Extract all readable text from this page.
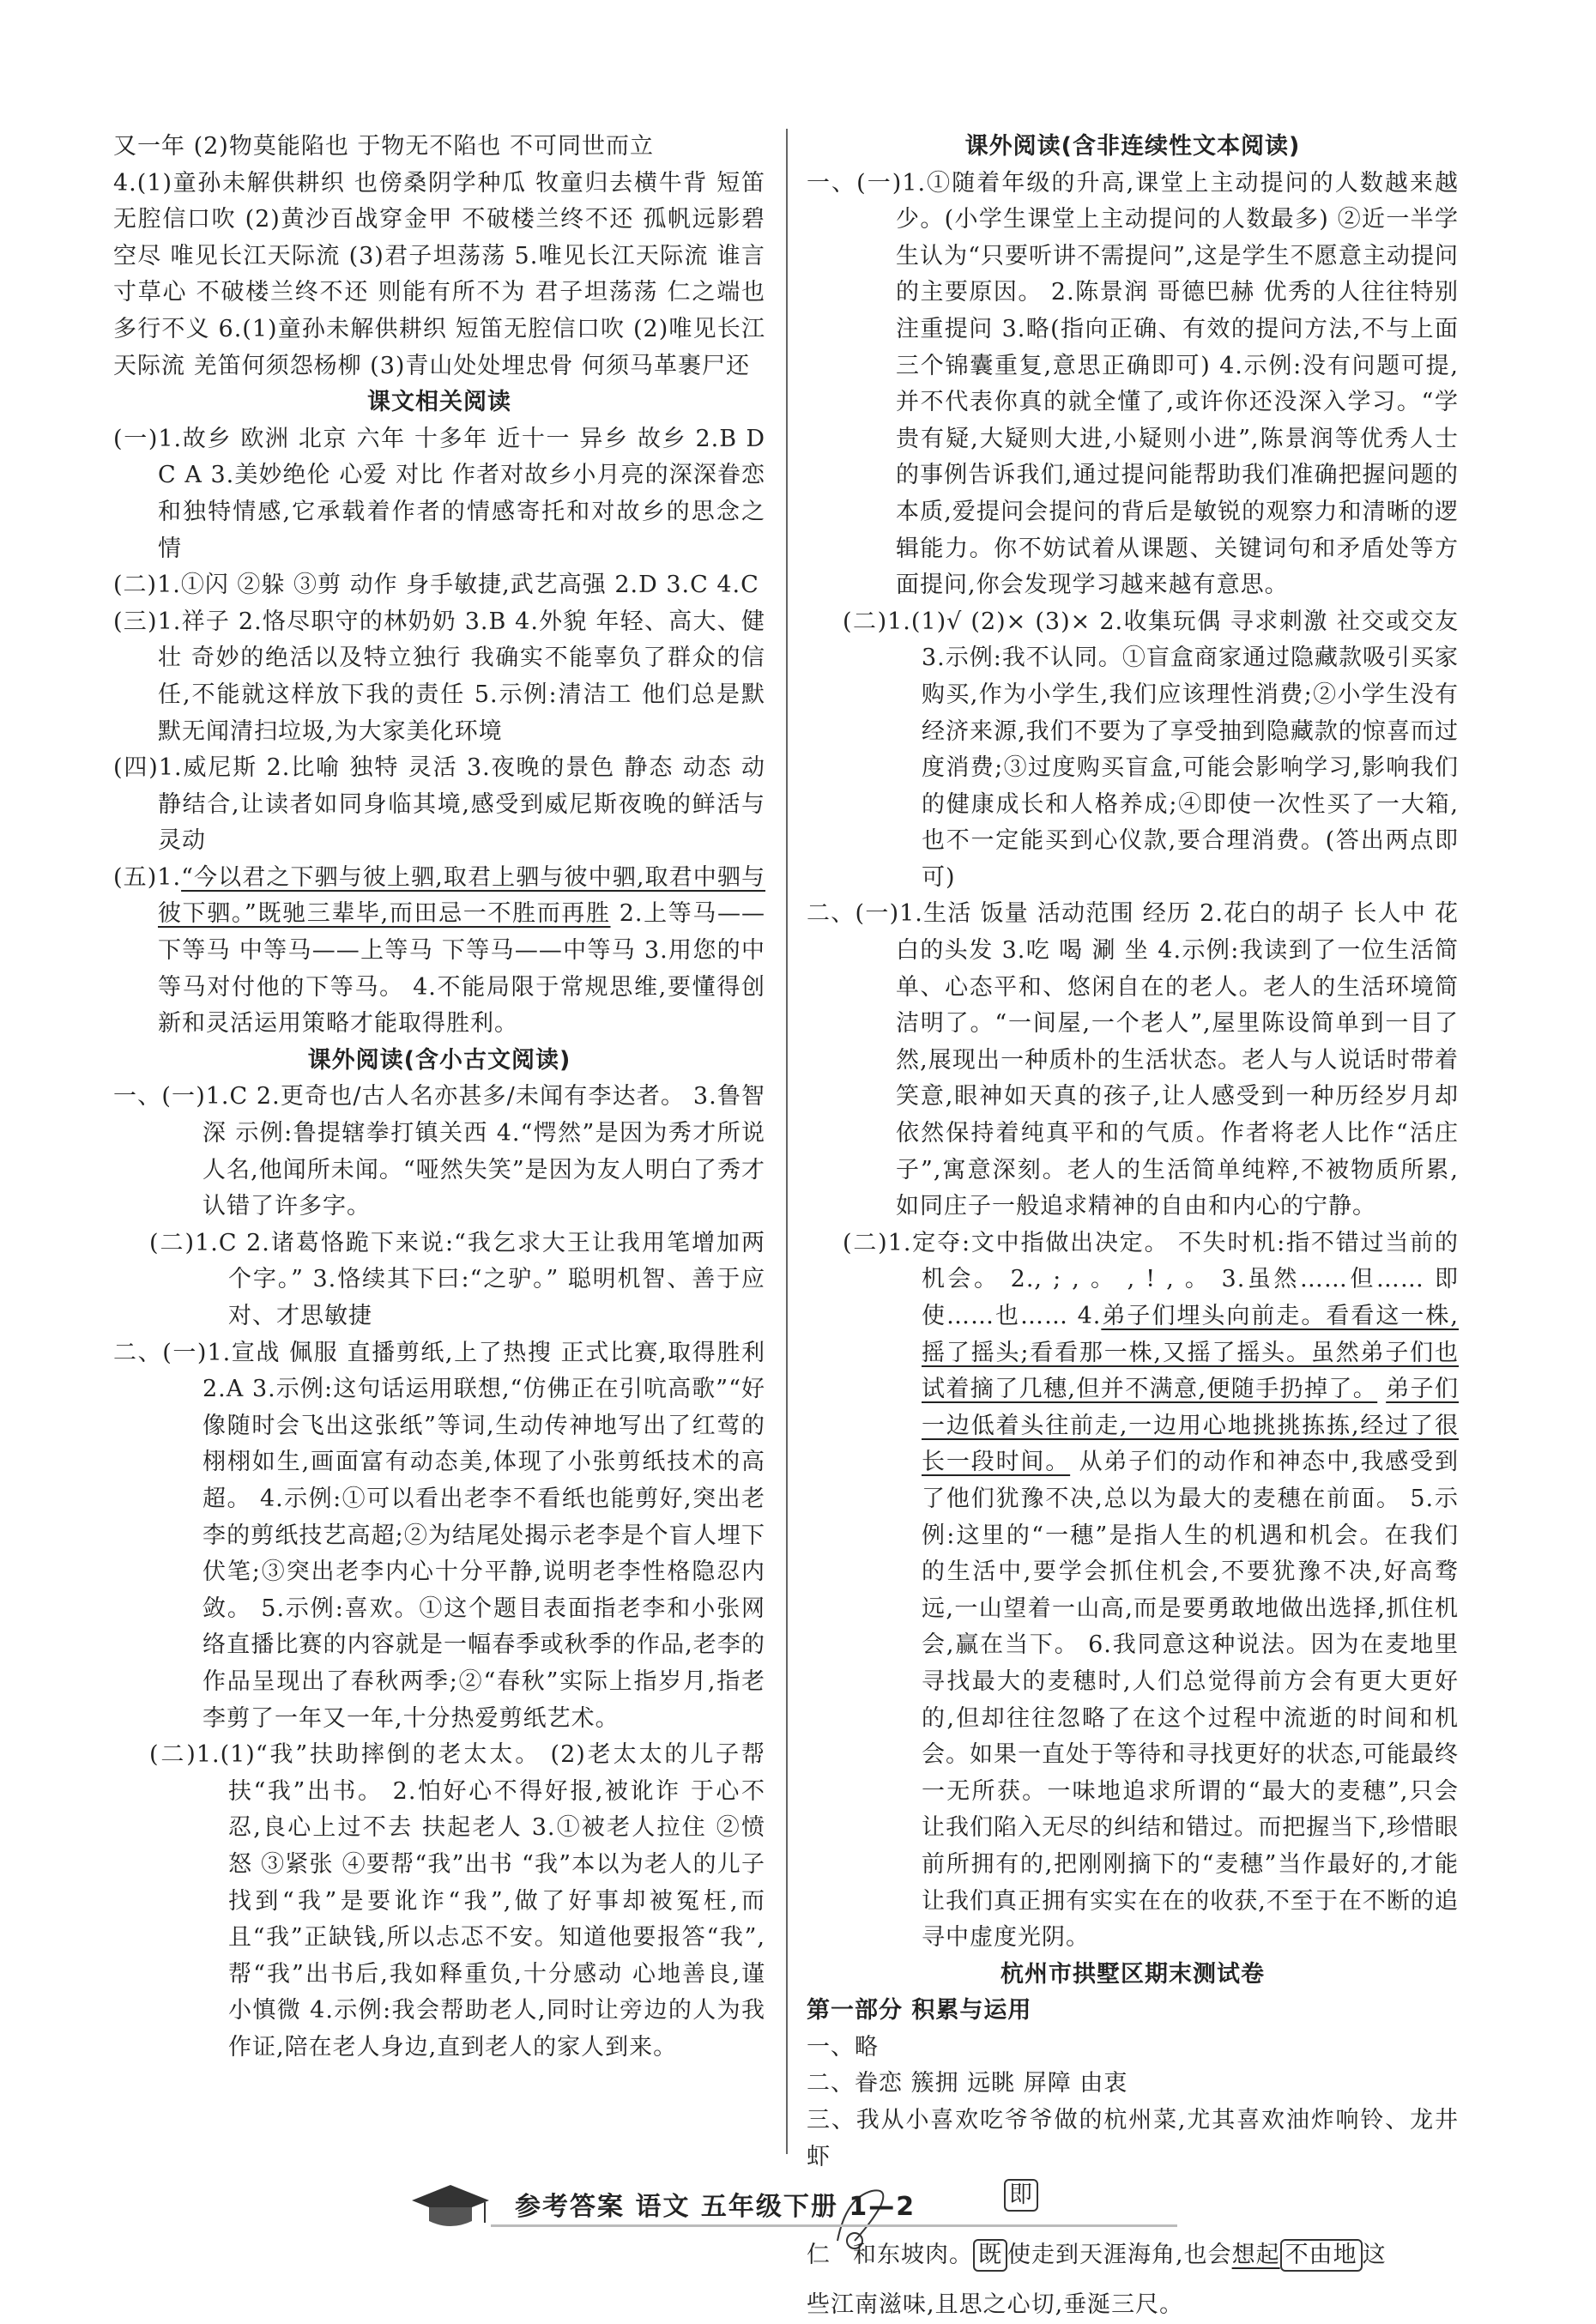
又一年 (2)物莫能陷也 于物无不陷也 不可同世而立

4.(1)童孙未解供耕织 也傍桑阴学种瓜 牧童归去横牛背 短笛无腔信口吹 (2)黄沙百战穿金甲 不破楼兰终不还 孤帆远影碧空尽 唯见长江天际流 (3)君子坦荡荡 5.唯见长江天际流 谁言寸草心 不破楼兰终不还 则能有所不为 君子坦荡荡 仁之端也 多行不义 6.(1)童孙未解供耕织 短笛无腔信口吹 (2)唯见长江天际流 羌笛何须怨杨柳 (3)青山处处埋忠骨 何须马革裹尸还

课文相关阅读

(一)1.故乡 欧洲 北京 六年 十多年 近十一 异乡 故乡 2.B D C A 3.美妙绝伦 心爱 对比 作者对故乡小月亮的深深眷恋和独特情感,它承载着作者的情感寄托和对故乡的思念之情

(二)1.①闪 ②躲 ③剪 动作 身手敏捷,武艺高强 2.D 3.C 4.C

(三)1.祥子 2.恪尽职守的林奶奶 3.B 4.外貌 年轻、高大、健壮 奇妙的绝活以及特立独行 我确实不能辜负了群众的信任,不能就这样放下我的责任 5.示例:清洁工 他们总是默默无闻清扫垃圾,为大家美化环境

(四)1.威尼斯 2.比喻 独特 灵活 3.夜晚的景色 静态 动态 动静结合,让读者如同身临其境,感受到威尼斯夜晚的鲜活与灵动

(五)1.“今以君之下驷与彼上驷,取君上驷与彼中驷,取君中驷与彼下驷。”既驰三辈毕,而田忌一不胜而再胜 2.上等马——下等马 中等马——上等马 下等马——中等马 3.用您的中等马对付他的下等马。 4.不能局限于常规思维,要懂得创新和灵活运用策略才能取得胜利。

课外阅读(含小古文阅读)

一、(一)1.C 2.更奇也/古人名亦甚多/未闻有李达者。 3.鲁智深 示例:鲁提辖拳打镇关西 4.“愕然”是因为秀才所说人名,他闻所未闻。“哑然失笑”是因为友人明白了秀才认错了许多字。

(二)1.C 2.诸葛恪跪下来说:“我乞求大王让我用笔增加两个字。” 3.恪续其下曰:“之驴。” 聪明机智、善于应对、才思敏捷

二、(一)1.宣战 佩服 直播剪纸,上了热搜 正式比赛,取得胜利 2.A 3.示例:这句话运用联想,“仿佛正在引吭高歌”“好像随时会飞出这张纸”等词,生动传神地写出了红莺的栩栩如生,画面富有动态美,体现了小张剪纸技术的高超。 4.示例:①可以看出老李不看纸也能剪好,突出老李的剪纸技艺高超;②为结尾处揭示老李是个盲人埋下伏笔;③突出老李内心十分平静,说明老李性格隐忍内敛。 5.示例:喜欢。①这个题目表面指老李和小张网络直播比赛的内容就是一幅春季或秋季的作品,老李的作品呈现出了春秋两季;②“春秋”实际上指岁月,指老李剪了一年又一年,十分热爱剪纸艺术。

(二)1.(1)“我”扶助摔倒的老太太。 (2)老太太的儿子帮扶“我”出书。 2.怕好心不得好报,被讹诈 于心不忍,良心上过不去 扶起老人 3.①被老人拉住 ②愤怒 ③紧张 ④要帮“我”出书 “我”本以为老人的儿子找到“我”是要讹诈“我”,做了好事却被冤枉,而且“我”正缺钱,所以忐忑不安。知道他要报答“我”,帮“我”出书后,我如释重负,十分感动 心地善良,谨小慎微 4.示例:我会帮助老人,同时让旁边的人为我作证,陪在老人身边,直到老人的家人到来。

课外阅读(含非连续性文本阅读)

一、(一)1.①随着年级的升高,课堂上主动提问的人数越来越少。(小学生课堂上主动提问的人数最多) ②近一半学生认为“只要听讲不需提问”,这是学生不愿意主动提问的主要原因。 2.陈景润 哥德巴赫 优秀的人往往特别注重提问 3.略(指向正确、有效的提问方法,不与上面三个锦囊重复,意思正确即可) 4.示例:没有问题可提,并不代表你真的就全懂了,或许你还没深入学习。“学贵有疑,大疑则大进,小疑则小进”,陈景润等优秀人士的事例告诉我们,通过提问能帮助我们准确把握问题的本质,爱提问会提问的背后是敏锐的观察力和清晰的逻辑能力。你不妨试着从课题、关键词句和矛盾处等方面提问,你会发现学习越来越有意思。

(二)1.(1)√ (2)× (3)× 2.收集玩偶 寻求刺激 社交或交友 3.示例:我不认同。①盲盒商家通过隐藏款吸引买家购买,作为小学生,我们应该理性消费;②小学生没有经济来源,我们不要为了享受抽到隐藏款的惊喜而过度消费;③过度购买盲盒,可能会影响学习,影响我们的健康成长和人格养成;④即使一次性买了一大箱,也不一定能买到心仪款,要合理消费。(答出两点即可)

二、(一)1.生活 饭量 活动范围 经历 2.花白的胡子 长人中 花白的头发 3.吃 喝 涮 坐 4.示例:我读到了一位生活简单、心态平和、悠闲自在的老人。老人的生活环境简洁明了。“一间屋,一个老人”,屋里陈设简单到一目了然,展现出一种质朴的生活状态。老人与人说话时带着笑意,眼神如天真的孩子,让人感受到一种历经岁月却依然保持着纯真平和的气质。作者将老人比作“活庄子”,寓意深刻。老人的生活简单纯粹,不被物质所累,如同庄子一般追求精神的自由和内心的宁静。

(二)1.定夺:文中指做出决定。 不失时机:指不错过当前的机会。 2., ; , 。 , ! , 。 3.虽然……但…… 即使……也…… 4.弟子们埋头向前走。看看这一株,摇了摇头;看看那一株,又摇了摇头。虽然弟子们也试着摘了几穗,但并不满意,便随手扔掉了。 弟子们一边低着头往前走,一边用心地挑挑拣拣,经过了很长一段时间。 从弟子们的动作和神态中,我感受到了他们犹豫不决,总以为最大的麦穗在前面。 5.示例:这里的“一穗”是指人生的机遇和机会。在我们的生活中,要学会抓住机会,不要犹豫不决,好高骛远,一山望着一山高,而是要勇敢地做出选择,抓住机会,赢在当下。 6.我同意这种说法。因为在麦地里寻找最大的麦穗时,人们总觉得前方会有更大更好的,但却往往忽略了在这个过程中流逝的时间和机会。如果一直处于等待和寻找更好的状态,可能最终一无所获。一味地追求所谓的“最大的麦穗”,只会让我们陷入无尽的纠结和错过。而把握当下,珍惜眼前所拥有的,把刚刚摘下的“麦穗”当作最好的,才能让我们真正拥有实实在在的收获,不至于在不断的追寻中虚度光阴。

杭州市拱墅区期末测试卷

第一部分 积累与运用

一、略

二、眷恋 簇拥 远眺 屏障 由衷

三、我从小喜欢吃爷爷做的杭州菜,尤其喜欢油炸响铃、龙井虾

即
仁 和东坡肉。 既 使走到天涯海角,也会想起 不由地 这

些江南滋味,且思之心切,垂涎三尺。

参考答案 语文 五年级下册 1—2
